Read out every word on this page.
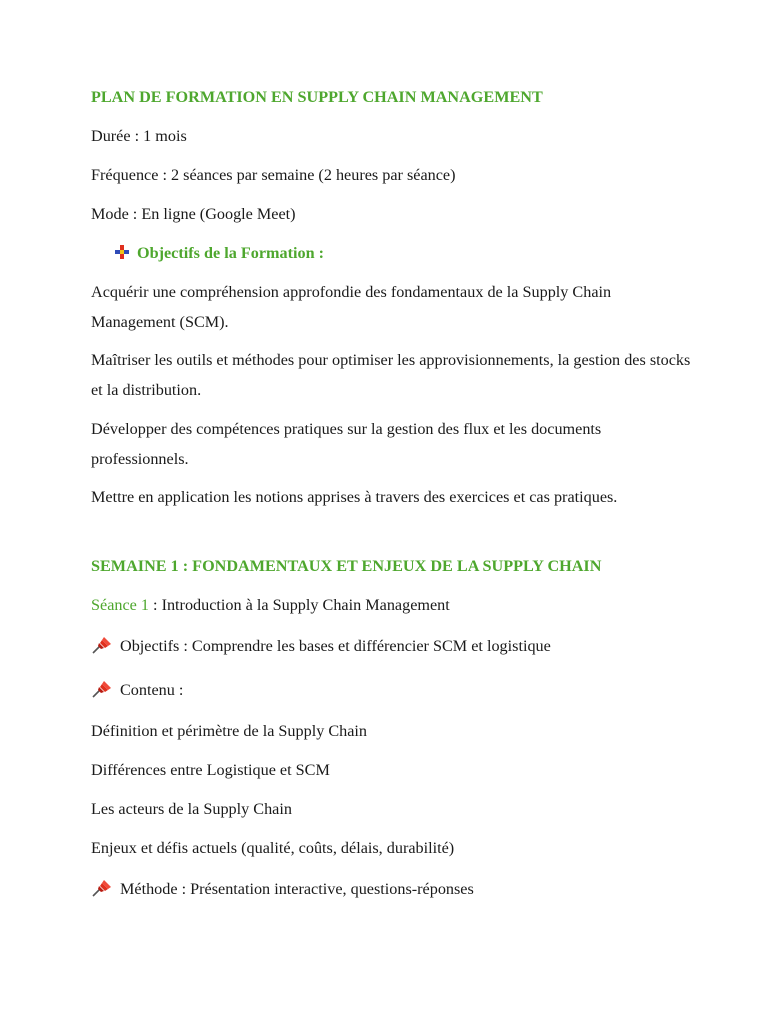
PLAN DE FORMATION EN SUPPLY CHAIN MANAGEMENT
Durée : 1 mois
Fréquence : 2 séances par semaine (2 heures par séance)
Mode : En ligne (Google Meet)
Objectifs de la Formation :
Acquérir une compréhension approfondie des fondamentaux de la Supply Chain Management (SCM).
Maîtriser les outils et méthodes pour optimiser les approvisionnements, la gestion des stocks et la distribution.
Développer des compétences pratiques sur la gestion des flux et les documents professionnels.
Mettre en application les notions apprises à travers des exercices et cas pratiques.
SEMAINE 1 : FONDAMENTAUX ET ENJEUX DE LA SUPPLY CHAIN
Séance 1 : Introduction à la Supply Chain Management
Objectifs : Comprendre les bases et différencier SCM et logistique
Contenu :
Définition et périmètre de la Supply Chain
Différences entre Logistique et SCM
Les acteurs de la Supply Chain
Enjeux et défis actuels (qualité, coûts, délais, durabilité)
Méthode : Présentation interactive, questions-réponses
